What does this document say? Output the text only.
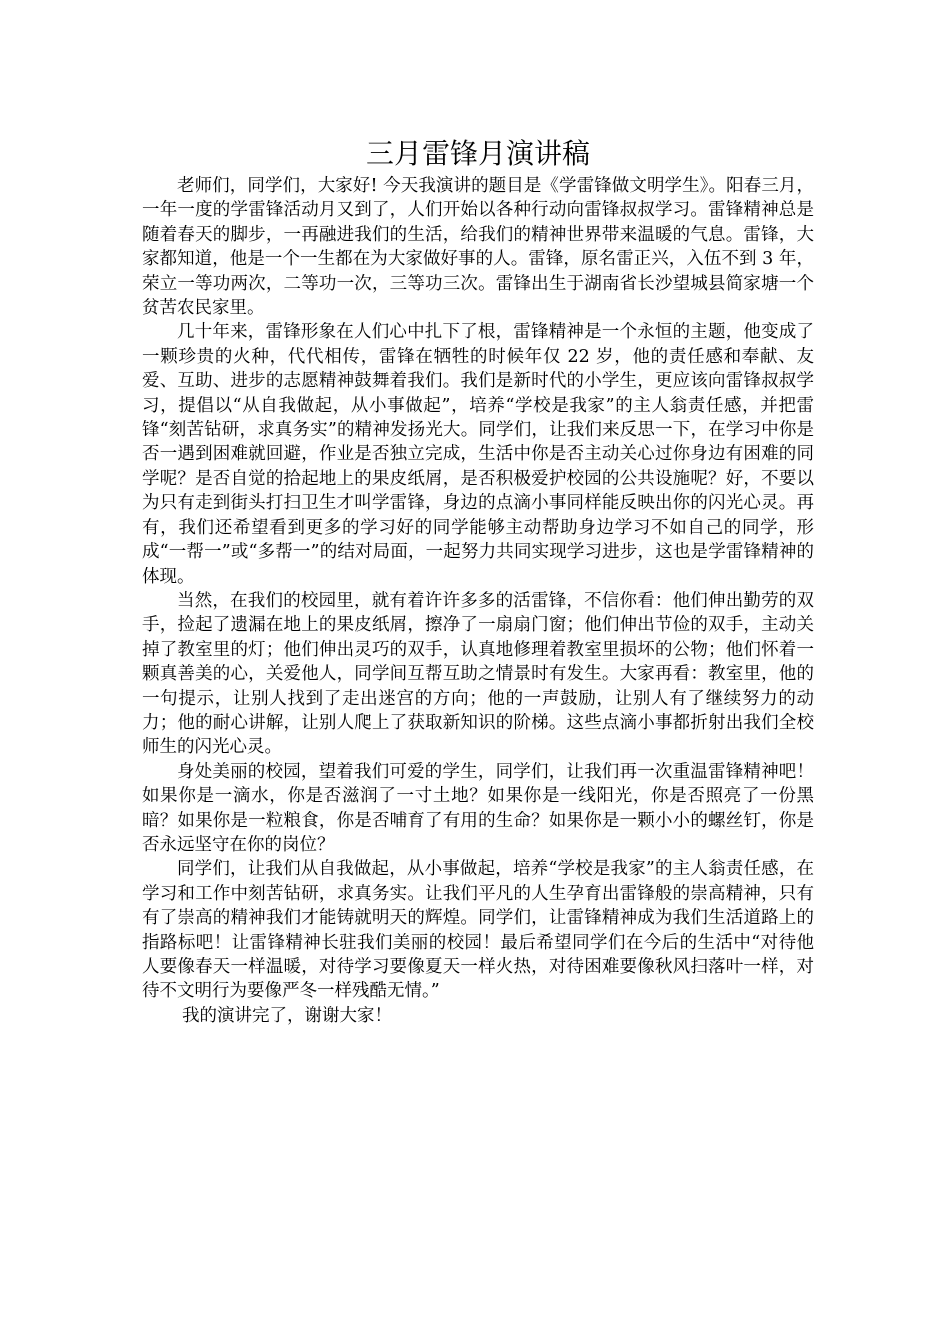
三月雷锋月演讲稿

老师们，同学们，大家好! 今天我演讲的题目是《学雷锋做文明学生》。阳春三月，一年一度的学雷锋活动月又到了，人们开始以各种行动向雷锋叔叔学习。雷锋精神总是随着春天的脚步，一再融进我们的生活，给我们的精神世界带来温暖的气息。雷锋，大家都知道，他是一个一生都在为大家做好事的人。雷锋，原名雷正兴，入伍不到 3 年，荣立一等功两次，二等功一次，三等功三次。雷锋出生于湖南省长沙望城县简家塘一个贫苦农民家里。

几十年来，雷锋形象在人们心中扎下了根，雷锋精神是一个永恒的主题，他变成了一颗珍贵的火种，代代相传，雷锋在牺牲的时候年仅 22 岁，他的责任感和奉献、友爱、互助、进步的志愿精神鼓舞着我们。我们是新时代的小学生，更应该向雷锋叔叔学习，提倡以“从自我做起，从小事做起”，培养“学校是我家”的主人翁责任感，并把雷锋“刻苦钻研，求真务实”的精神发扬光大。同学们，让我们来反思一下，在学习中你是否一遇到困难就回避，作业是否独立完成，生活中你是否主动关心过你身边有困难的同学呢？是否自觉的拾起地上的果皮纸屑，是否积极爱护校园的公共设施呢？好，不要以为只有走到街头打扫卫生才叫学雷锋，身边的点滴小事同样能反映出你的闪光心灵。再有，我们还希望看到更多的学习好的同学能够主动帮助身边学习不如自己的同学，形成“一帮一”或“多帮一”的结对局面，一起努力共同实现学习进步，这也是学雷锋精神的体现。

当然，在我们的校园里，就有着许许多多的活雷锋，不信你看：他们伸出勤劳的双手，捡起了遗漏在地上的果皮纸屑，擦净了一扇扇门窗；他们伸出节俭的双手，主动关掉了教室里的灯；他们伸出灵巧的双手，认真地修理着教室里损坏的公物；他们怀着一颗真善美的心，关爱他人，同学间互帮互助之情景时有发生。大家再看：教室里，他的一句提示，让别人找到了走出迷宫的方向；他的一声鼓励，让别人有了继续努力的动力；他的耐心讲解，让别人爬上了获取新知识的阶梯。这些点滴小事都折射出我们全校师生的闪光心灵。

身处美丽的校园，望着我们可爱的学生，同学们，让我们再一次重温雷锋精神吧！如果你是一滴水，你是否滋润了一寸土地？如果你是一线阳光，你是否照亮了一份黑暗？如果你是一粒粮食，你是否哺育了有用的生命？如果你是一颗小小的螺丝钉，你是否永远坚守在你的岗位？

同学们，让我们从自我做起，从小事做起，培养“学校是我家”的主人翁责任感，在学习和工作中刻苦钻研，求真务实。让我们平凡的人生孕育出雷锋般的崇高精神，只有有了崇高的精神我们才能铸就明天的辉煌。同学们，让雷锋精神成为我们生活道路上的指路标吧！让雷锋精神长驻我们美丽的校园！最后希望同学们在今后的生活中“对待他人要像春天一样温暖，对待学习要像夏天一样火热，对待困难要像秋风扫落叶一样，对待不文明行为要像严冬一样残酷无情。”

我的演讲完了，谢谢大家！
